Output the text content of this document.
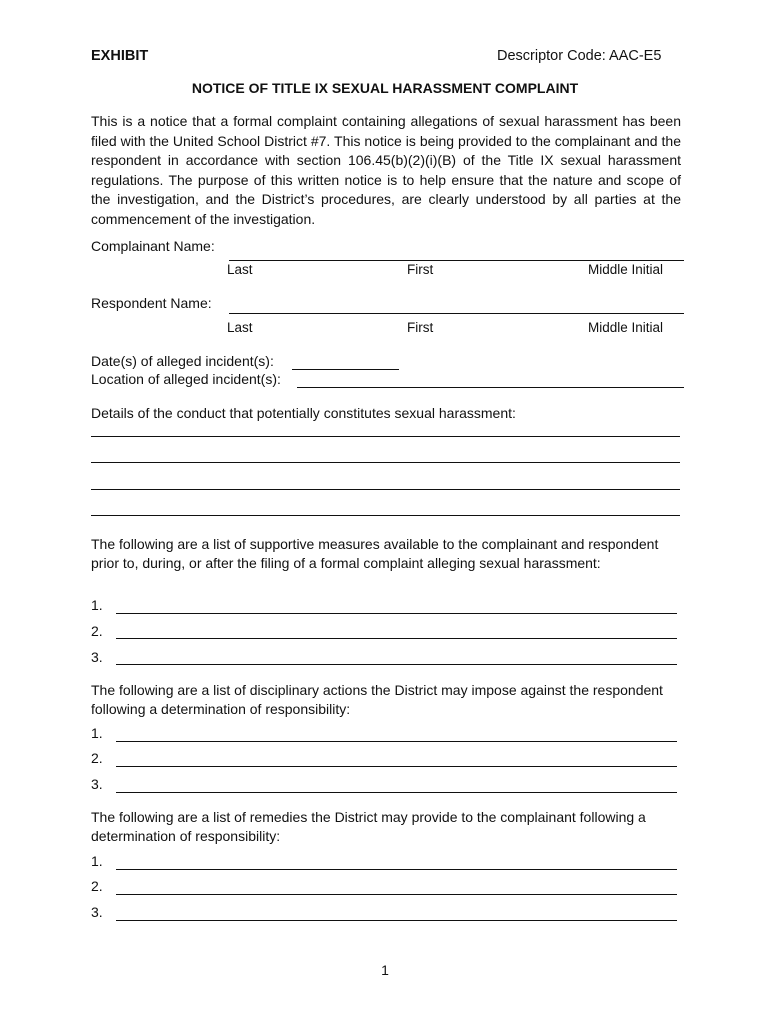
EXHIBIT	Descriptor Code: AAC-E5
NOTICE OF TITLE IX SEXUAL HARASSMENT COMPLAINT
This is a notice that a formal complaint containing allegations of sexual harassment has been filed with the United School District #7. This notice is being provided to the complainant and the respondent in accordance with section 106.45(b)(2)(i)(B) of the Title IX sexual harassment regulations. The purpose of this written notice is to help ensure that the nature and scope of the investigation, and the District’s procedures, are clearly understood by all parties at the commencement of the investigation.
Complainant Name:
Last	First	Middle Initial
Respondent Name:
Last	First	Middle Initial
Date(s) of alleged incident(s):
Location of alleged incident(s):
Details of the conduct that potentially constitutes sexual harassment:
The following are a list of supportive measures available to the complainant and respondent prior to, during, or after the filing of a formal complaint alleging sexual harassment:
1.
2.
3.
The following are a list of disciplinary actions the District may impose against the respondent following a determination of responsibility:
1.
2.
3.
The following are a list of remedies the District may provide to the complainant following a determination of responsibility:
1.
2.
3.
1
